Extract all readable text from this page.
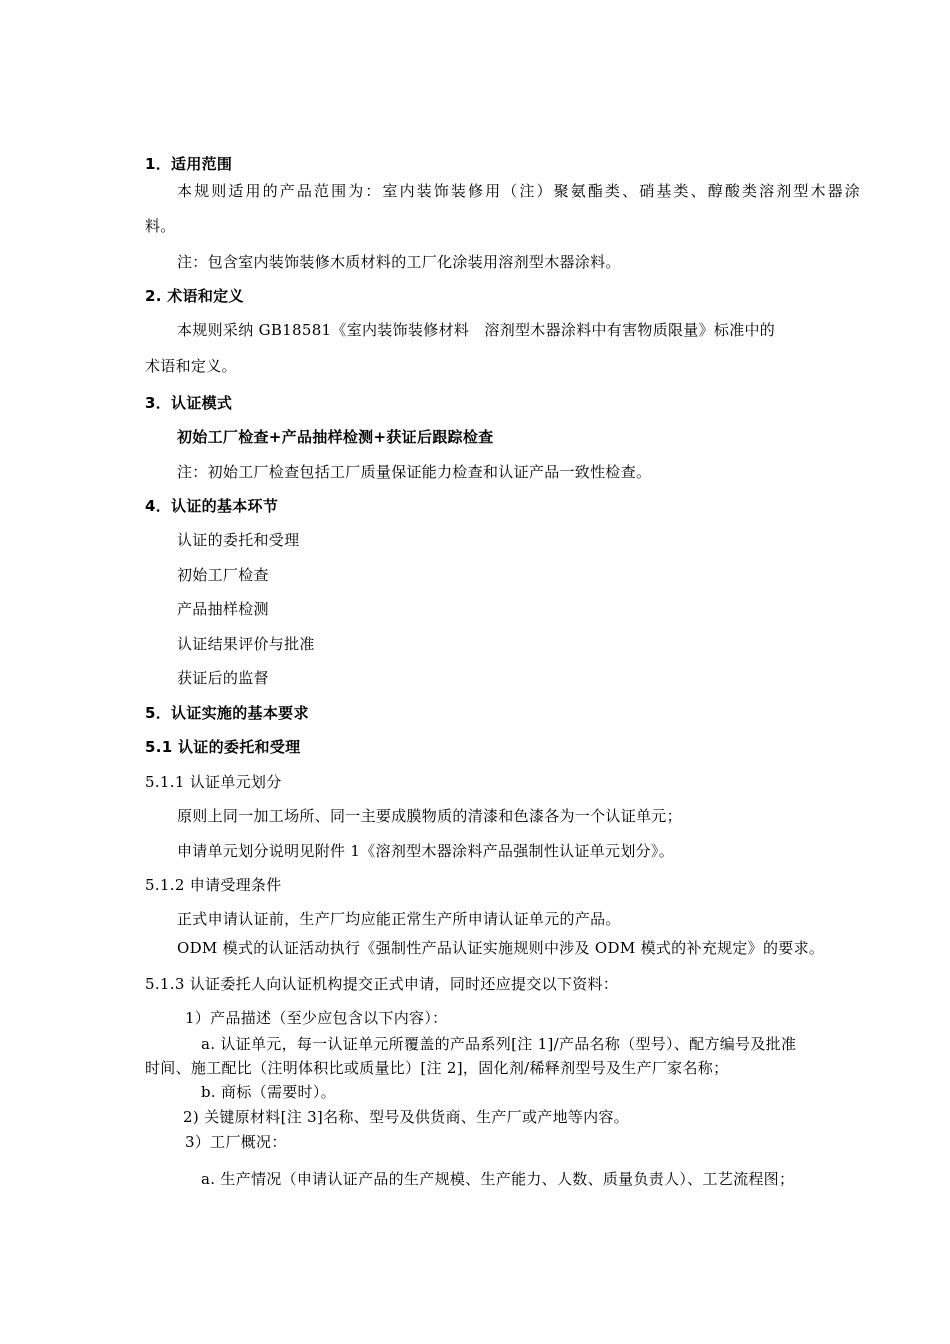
1．适用范围
本规则适用的产品范围为：室内装饰装修用（注）聚氨酯类、硝基类、醇酸类溶剂型木器涂
料。
注：包含室内装饰装修木质材料的工厂化涂装用溶剂型木器涂料。
2. 术语和定义
本规则采纳 GB18581《室内装饰装修材料　溶剂型木器涂料中有害物质限量》标准中的
术语和定义。
3．认证模式
初始工厂检查+产品抽样检测+获证后跟踪检查
注：初始工厂检查包括工厂质量保证能力检查和认证产品一致性检查。
4．认证的基本环节
认证的委托和受理
初始工厂检查
产品抽样检测
认证结果评价与批准
获证后的监督
5．认证实施的基本要求
5.1 认证的委托和受理
5.1.1 认证单元划分
原则上同一加工场所、同一主要成膜物质的清漆和色漆各为一个认证单元；
申请单元划分说明见附件 1《溶剂型木器涂料产品强制性认证单元划分》。
5.1.2 申请受理条件
正式申请认证前，生产厂均应能正常生产所申请认证单元的产品。
ODM 模式的认证活动执行《强制性产品认证实施规则中涉及 ODM 模式的补充规定》的要求。
5.1.3 认证委托人向认证机构提交正式申请，同时还应提交以下资料：
1）产品描述（至少应包含以下内容）：
a. 认证单元，每一认证单元所覆盖的产品系列[注 1]/产品名称（型号）、配方编号及批准
时间、施工配比（注明体积比或质量比）[注 2]，固化剂/稀释剂型号及生产厂家名称；
b. 商标（需要时）。
2) 关键原材料[注 3]名称、型号及供货商、生产厂或产地等内容。
3）工厂概况：
a. 生产情况（申请认证产品的生产规模、生产能力、人数、质量负责人）、工艺流程图；
